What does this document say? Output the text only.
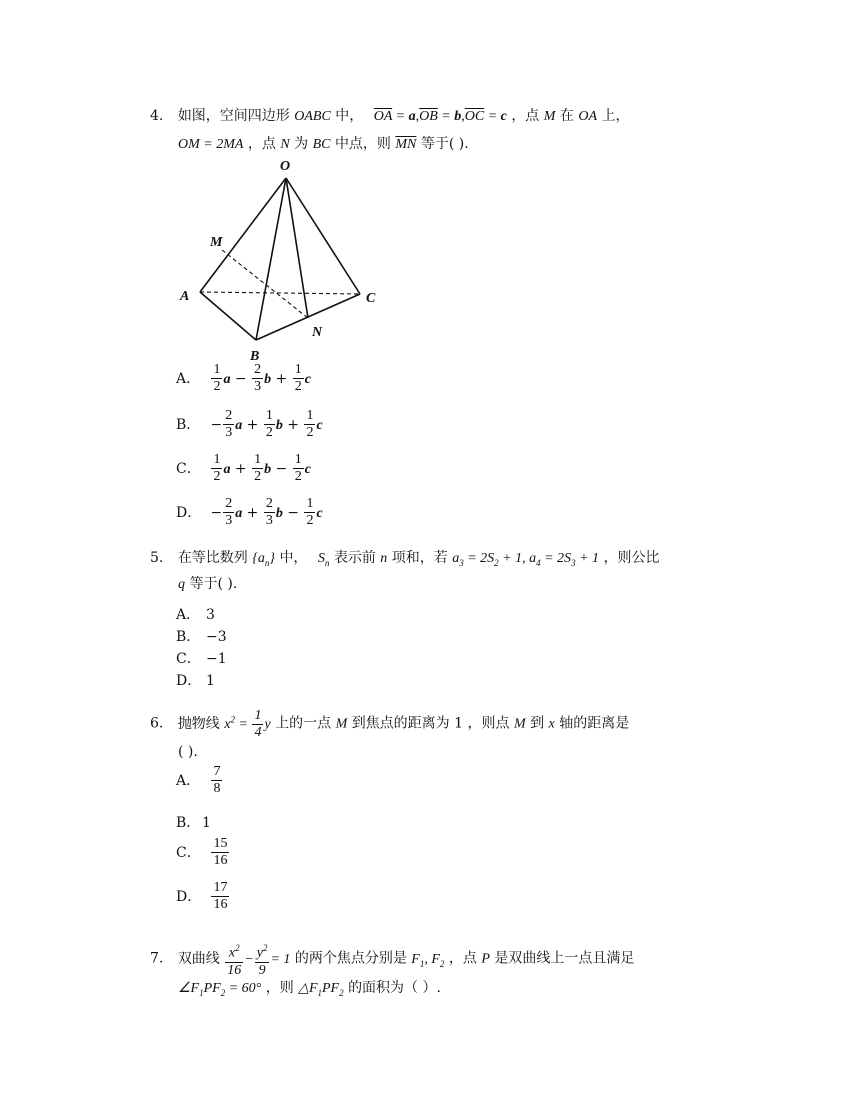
4. 如图，空间四边形 OABC 中， $\overline{OA} = a,\overline{OB} = b,\overline{OC} = c$ ，点 M 在 OA 上，
OM = 2MA ，点 N 为 BC 中点，则 $\overline{MN}$ 等于( ).
O
M
A	C
N
B
A． $\frac{1}{2}$ $a - \frac{2}{3}$ $b + \frac{1}{2}$ c
B． − $\frac{2}{3}$ $a + \frac{1}{2}$ $b + \frac{1}{2}$ c
C． $\frac{1}{2}$ $a + \frac{1}{2}$ $b - \frac{1}{2}$ c
D． − $\frac{2}{3}$ $a + \frac{2}{3}$ $b - \frac{1}{2}$ c
5. 在等比数列 $\{a_n\}$ 中， $S_n$ 表示前 n 项和，若 $a_3 = 2S_2 + 1$, $a_4 = 2S_3 + 1$ ，则公比
q 等于( ).
A． 3
B． −3
C． −1
D． 1
6. 抛物线 $x^2 = \frac{1}{4}$ y 上的一点 M 到焦点的距离为 1 ，则点 M 到 x 轴的距离是
( ).
A． $\frac{7}{8}$
B． 1
C． $\frac{15}{16}$
D． $\frac{17}{16}$
7. 双曲线 $\frac{x^2}{16} - \frac{y^2}{9} = 1$ 的两个焦点分别是 $F_1$, $F_2$ ，点 P 是双曲线上一点且满足
$\angle F_1PF_2 = 60^\circ$ ，则 $\triangle F_1PF_2$ 的面积为（ ）.
